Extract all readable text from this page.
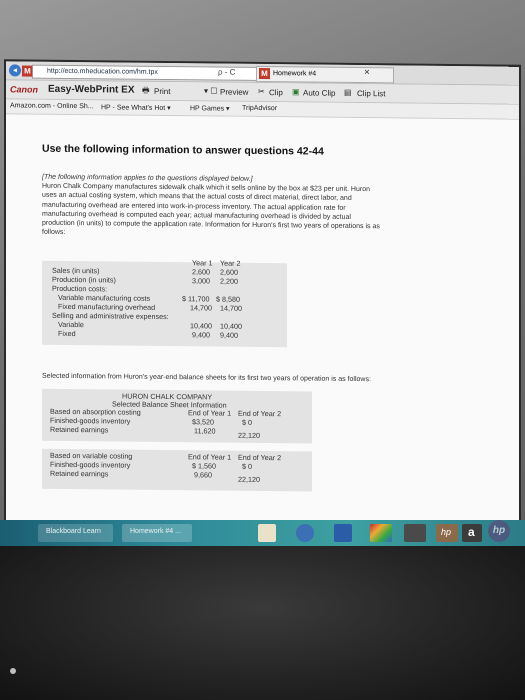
◂ M	http://ecto.mheducation.com/hm.tpx	ρ - C	Homework #4
M	×
Canon Easy-WebPrint EX 🖶 Print	▾ ☐ Preview ✂ Clip ▣ Auto Clip ▤ Clip List
Amazon.com - Online Sh... HP - See What's Hot ▾	HP Games ▾ TripAdvisor
Use the following information to answer questions 42-44
[The following information applies to the questions displayed below.]
Huron Chalk Company manufactures sidewalk chalk which it sells online by the box at $23 per unit. Huron
uses an actual costing system, which means that the actual costs of direct material, direct labor, and
manufacturing overhead are entered into work-in-process inventory. The actual application rate for
manufacturing overhead is computed each year; actual manufacturing overhead is divided by actual
production (in units) to compute the application rate. Information for Huron's first two years of operations is as
follows:
Year 1 Year 2
Sales (in units)	2,600 2,600
Production (in units)	3,000 2,200
Production costs:
Variable manufacturing costs	$ 11,700 $ 8,580
Fixed manufacturing overhead	14,700 14,700
Selling and administrative expenses:
Variable	10,400 10,400
Fixed	9,400 9,400
Selected information from Huron's year-end balance sheets for its first two years of operation is as follows:
HURON CHALK COMPANY
Selected Balance Sheet Information
Based on absorption costing	End of Year 1 End of Year 2
Finished-goods inventory	$3,520	$ 0
Retained earnings	11,620	22,120
Based on variable costing	End of Year 1 End of Year 2
Finished-goods inventory	$ 1,560	$ 0
Retained earnings	9,660	22,120
Blackboard Learn	Homework #4 ...	hp a	hp
